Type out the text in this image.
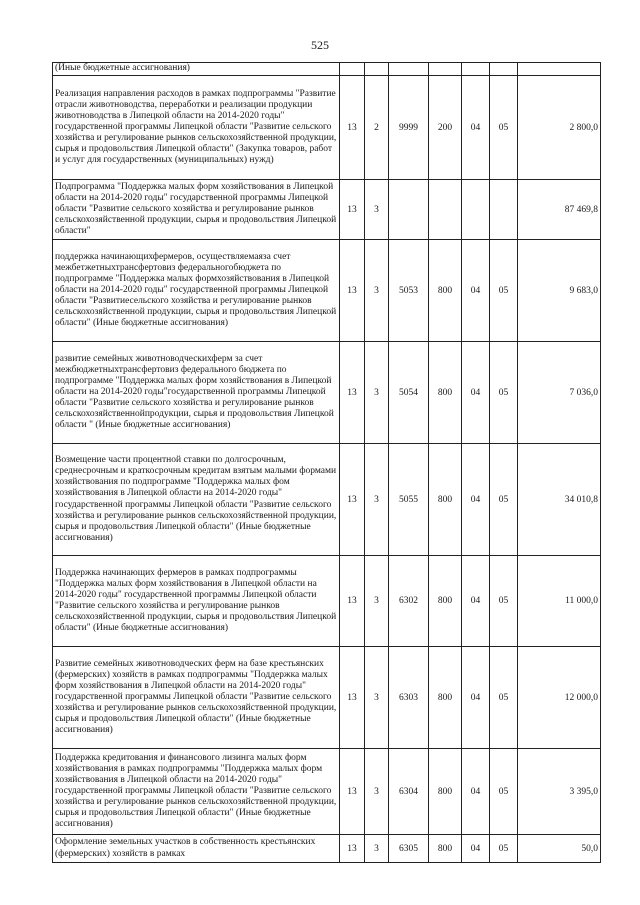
525
(Иные бюджетные ассигнования)							
Реализация направления расходов в рамках подпрограммы "Развитие отрасли животноводства, переработки и реализации продукции животноводства в Липецкой области на 2014-2020 годы" государственной программы Липецкой области "Развитие сельского хозяйства и регулирование рынков сельскохозяйственной продукции, сырья и продовольствия Липецкой области" (Закупка товаров, работ и услуг для государственных (муниципальных) нужд)	13	2	9999	200	04	05	2 800,0
Подпрограмма "Поддержка малых форм хозяйствования в Липецкой области на 2014-2020 годы" государственной программы Липецкой области "Развитие сельского хозяйства и регулирование рынков сельскохозяйственной продукции, сырья и продовольствия Липецкой области"	13	3					87 469,8
поддержка начинающихфермеров, осуществляемаяза счет межбетжетныхтрансфертовиз федеральногобюджета по подпрограмме "Поддержка малых формхозяйствования в Липецкой области на 2014-2020 годы" государственной программы Липецкой области "Развитиесельского хозяйства и регулирование рынков сельскохозяйственной продукции, сырья и продовольствия Липецкой области" (Иные бюджетные ассигнования)	13	3	5053	800	04	05	9 683,0
развитие семейных животноводческихферм за счет межбюджетныхтрансфертовиз федерального бюджета по подпрограмме "Поддержка малых форм хозяйствования в Липецкой области на 2014-2020 годы"государственной программы Липецкой области "Развитие сельского хозяйства и регулирование рынков сельскохозяйственнойпродукции, сырья и продовольствия Липецкой области " (Иные бюджетные ассигнования)	13	3	5054	800	04	05	7 036,0
Возмещение части процентной ставки по долгосрочным, среднесрочным и краткосрочным кредитам взятым малыми формами хозяйствования по подпрограмме "Поддержка малых фом хозяйствования в Липецкой области на 2014-2020 годы" государственной программы Липецкой области "Развитие сельского хозяйства и регулирование рынков сельскохозяйственной продукции, сырья и продовольствия Липецкой области" (Иные бюджетные ассигнования)	13	3	5055	800	04	05	34 010,8
Поддержка начинающих фермеров в рамках подпрограммы "Поддержка малых форм хозяйствования в Липецкой области на 2014-2020 годы" государственной программы Липецкой области "Развитие сельского хозяйства и регулирование рынков сельскохозяйственной продукции, сырья и продовольствия Липецкой области" (Иные бюджетные ассигнования)	13	3	6302	800	04	05	11 000,0
Развитие семейных животноводческих ферм на базе крестьянских (фермерских) хозяйств в рамках подпрограммы "Поддержка малых форм хозяйствования в Липецкой области на 2014-2020 годы" государственной программы Липецкой области "Развитие сельского хозяйства и регулирование рынков сельскохозяйственной продукции, сырья и продовольствия Липецкой области" (Иные бюджетные ассигнования)	13	3	6303	800	04	05	12 000,0
Поддержка кредитования и финансового лизинга малых форм хозяйствования в рамках подпрограммы "Поддержка малых форм хозяйствования в Липецкой области на 2014-2020 годы" государственной программы Липецкой области "Развитие сельского хозяйства и регулирование рынков сельскохозяйственной продукции, сырья и продовольствия Липецкой области" (Иные бюджетные ассигнования)	13	3	6304	800	04	05	3 395,0
Оформление земельных участков в собственность крестьянских (фермерских) хозяйств в рамках	13	3	6305	800	04	05	50,0
